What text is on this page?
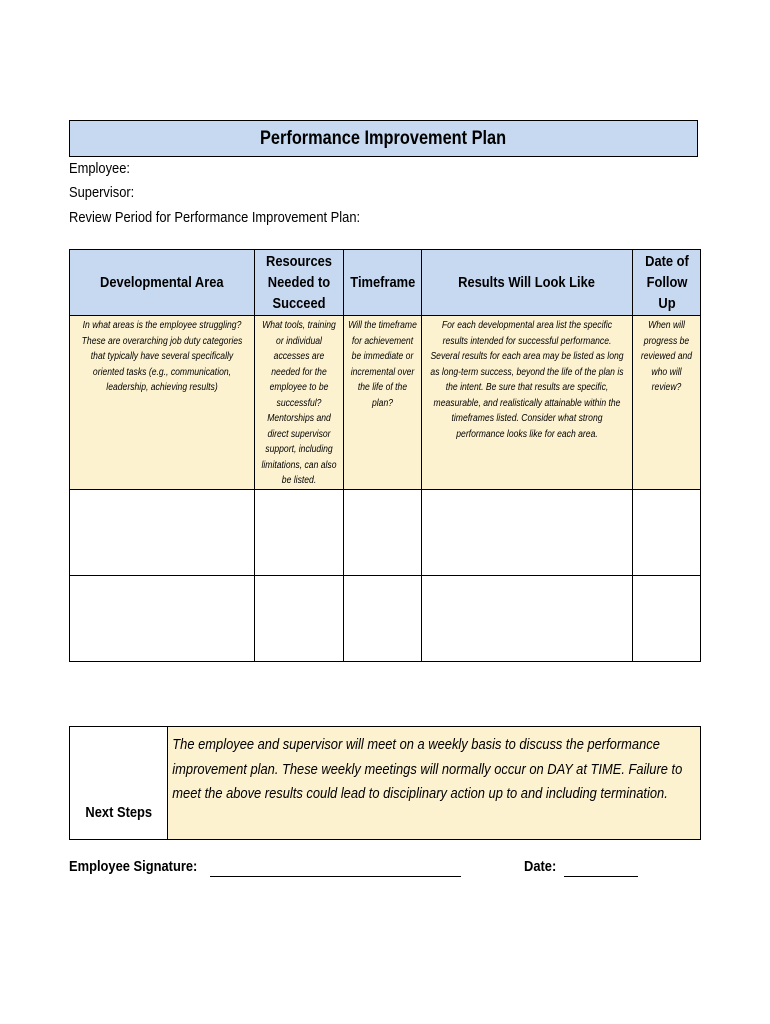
Performance Improvement Plan
Employee:
Supervisor:
Review Period for Performance Improvement Plan:
Developmental Area	Resources Needed to Succeed	Timeframe	Results Will Look Like	Date of Follow Up

In what areas is the employee struggling? These are overarching job duty categories that typically have several specifically oriented tasks (e.g., communication, leadership, achieving results)	What tools, training or individual accesses are needed for the employee to be successful? Mentorships and direct supervisor support, including limitations, can also be listed.	Will the timeframe for achievement be immediate or incremental over the life of the plan?	For each developmental area list the specific results intended for successful performance. Several results for each area may be listed as long as long-term success, beyond the life of the plan is the intent. Be sure that results are specific, measurable, and realistically attainable within the timeframes listed. Consider what strong performance looks like for each area.	When will progress be reviewed and who will review?

Next Steps	
The employee and supervisor will meet on a weekly basis to discuss the performance improvement plan. These weekly meetings will normally occur on DAY at TIME. Failure to meet the above results could lead to disciplinary action up to and including termination.
Employee Signature:	Date:
